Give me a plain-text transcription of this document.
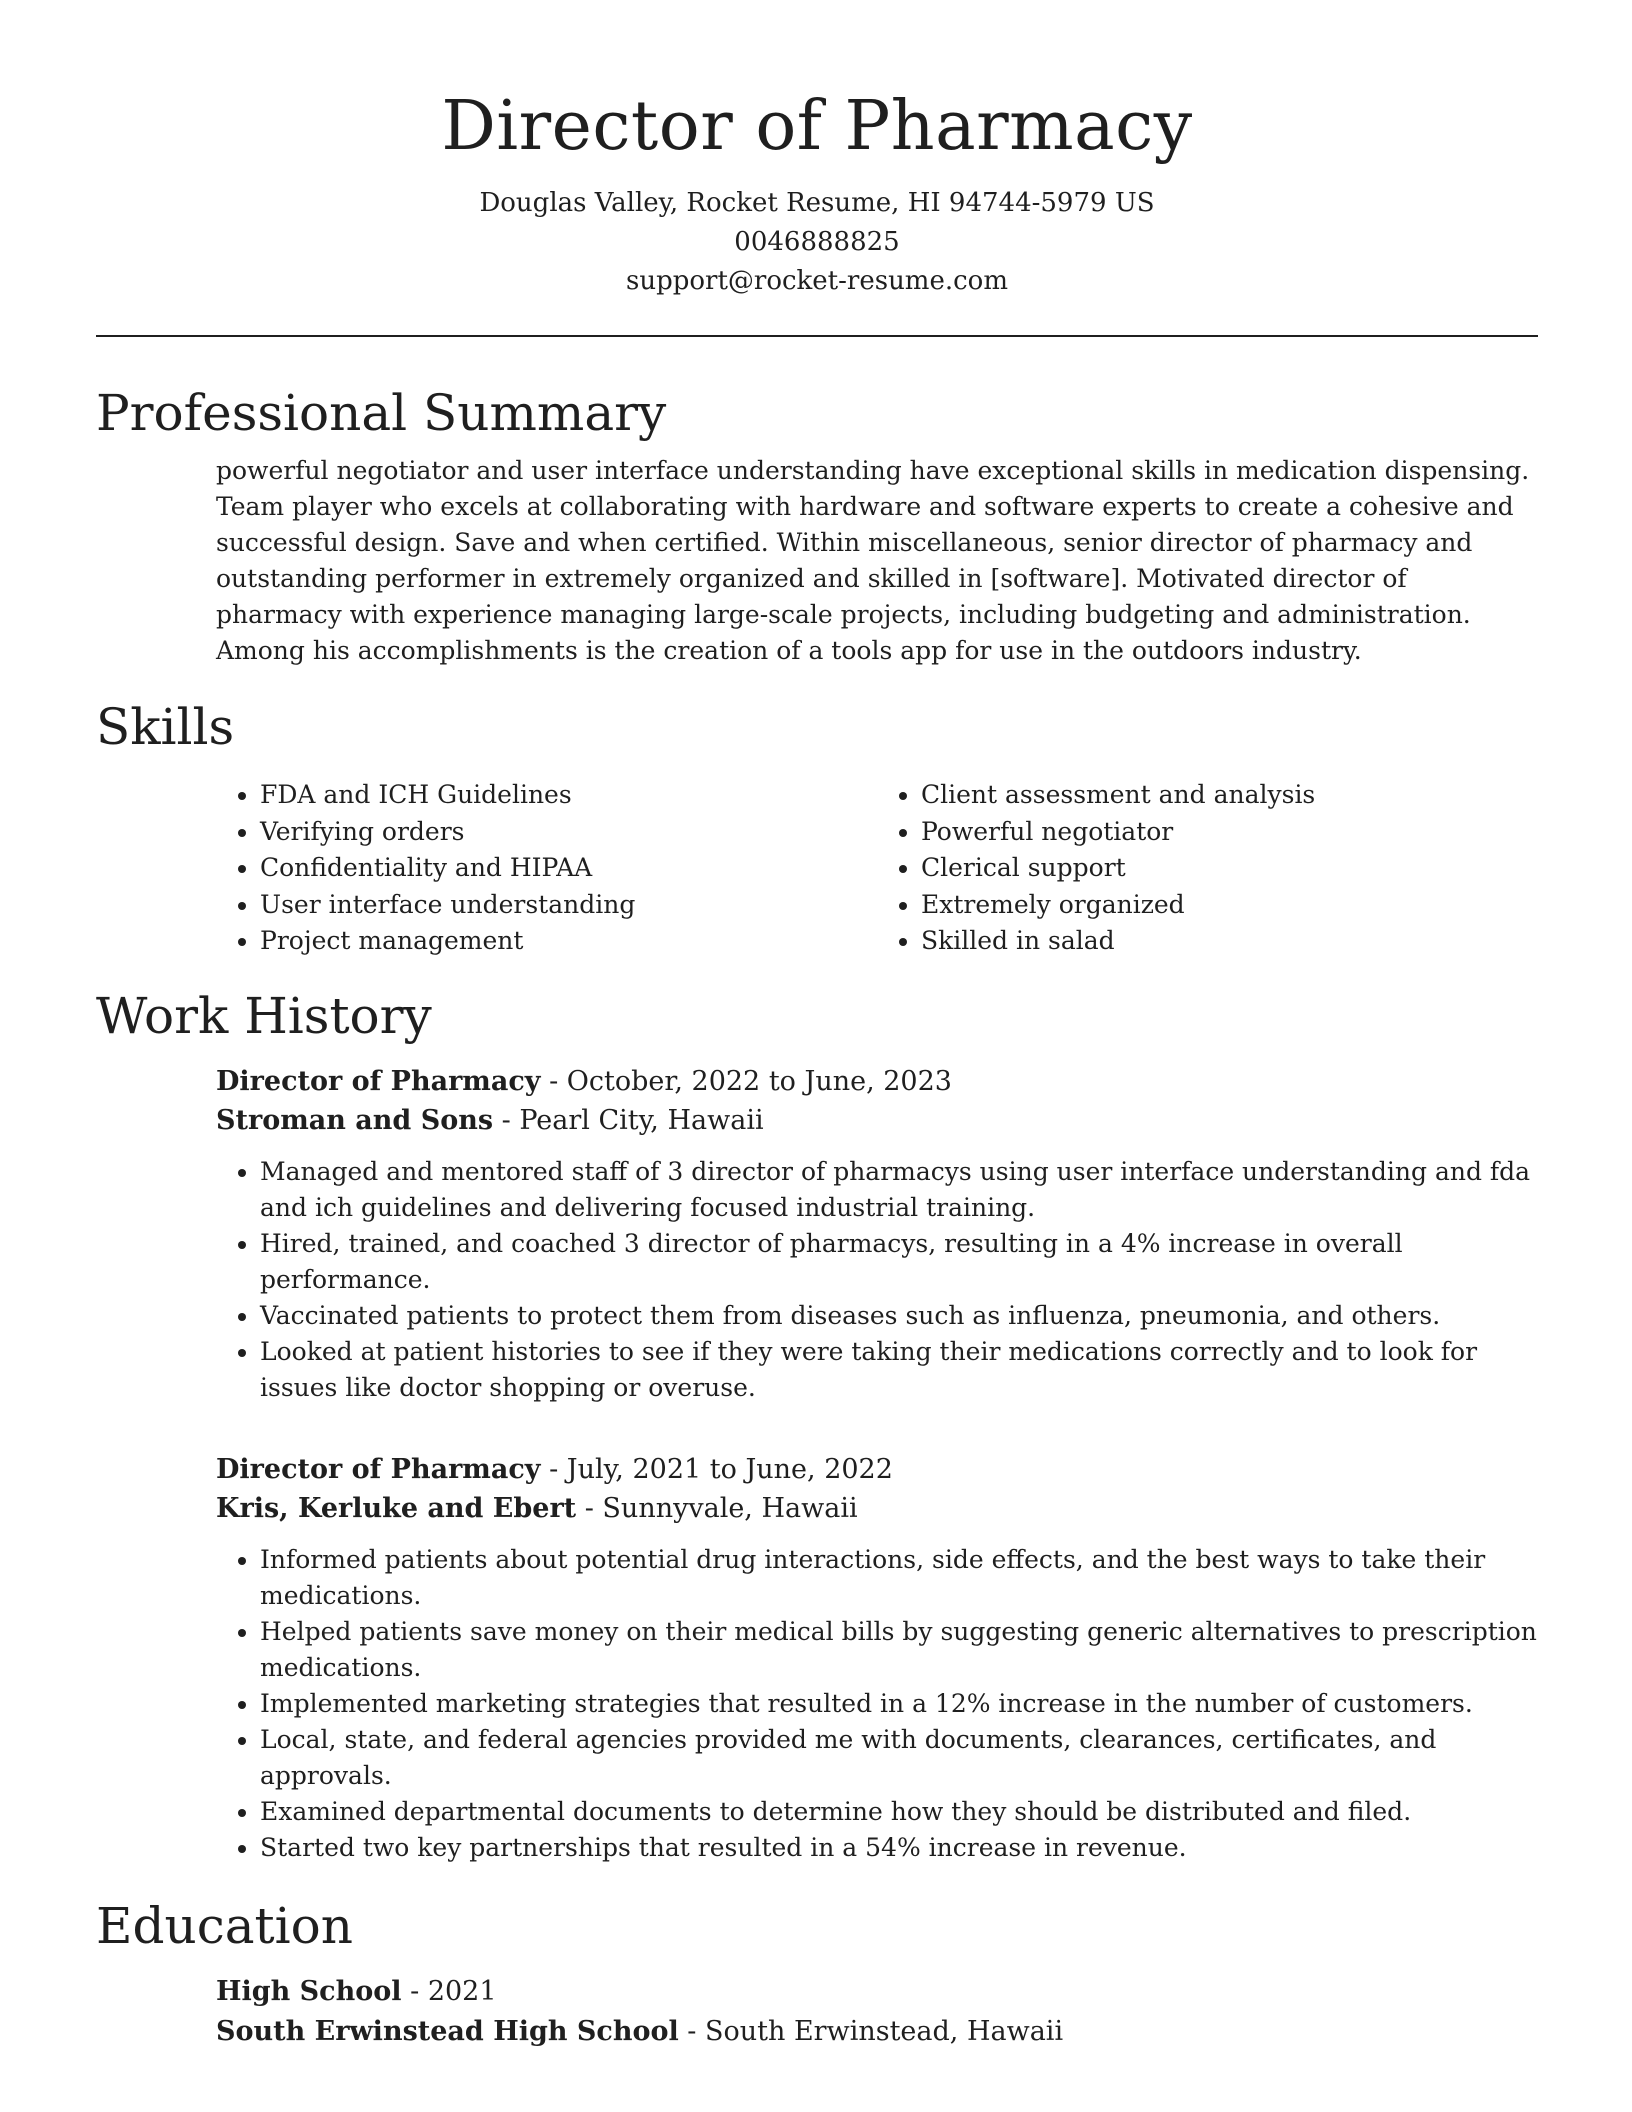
Director of Pharmacy

Douglas Valley, Rocket Resume, HI 94744-5979 US

0046888825

support@rocket-resume.com

Professional Summary

powerful negotiator and user interface understanding have exceptional skills in medication dispensing. Team player who excels at collaborating with hardware and software experts to create a cohesive and successful design. Save and when certified. Within miscellaneous, senior director of pharmacy and outstanding performer in extremely organized and skilled in [software]. Motivated director of pharmacy with experience managing large-scale projects, including budgeting and administration. Among his accomplishments is the creation of a tools app for use in the outdoors industry.

Skills
• FDA and ICH Guidelines
• Verifying orders
• Confidentiality and HIPAA
• User interface understanding
• Project management
• Client assessment and analysis
• Powerful negotiator
• Clerical support
• Extremely organized
• Skilled in salad
Work History

Director of Pharmacy - October, 2022 to June, 2023

Stroman and Sons - Pearl City, Hawaii

• Managed and mentored staff of 3 director of pharmacys using user interface understanding and fda and ich guidelines and delivering focused industrial training.
• Hired, trained, and coached 3 director of pharmacys, resulting in a 4% increase in overall performance.
• Vaccinated patients to protect them from diseases such as influenza, pneumonia, and others.
• Looked at patient histories to see if they were taking their medications correctly and to look for issues like doctor shopping or overuse.

Director of Pharmacy - July, 2021 to June, 2022

Kris, Kerluke and Ebert - Sunnyvale, Hawaii

• Informed patients about potential drug interactions, side effects, and the best ways to take their medications.
• Helped patients save money on their medical bills by suggesting generic alternatives to prescription medications.
• Implemented marketing strategies that resulted in a 12% increase in the number of customers.
• Local, state, and federal agencies provided me with documents, clearances, certificates, and approvals.
• Examined departmental documents to determine how they should be distributed and filed.
• Started two key partnerships that resulted in a 54% increase in revenue.
Education

High School - 2021

South Erwinstead High School - South Erwinstead, Hawaii
